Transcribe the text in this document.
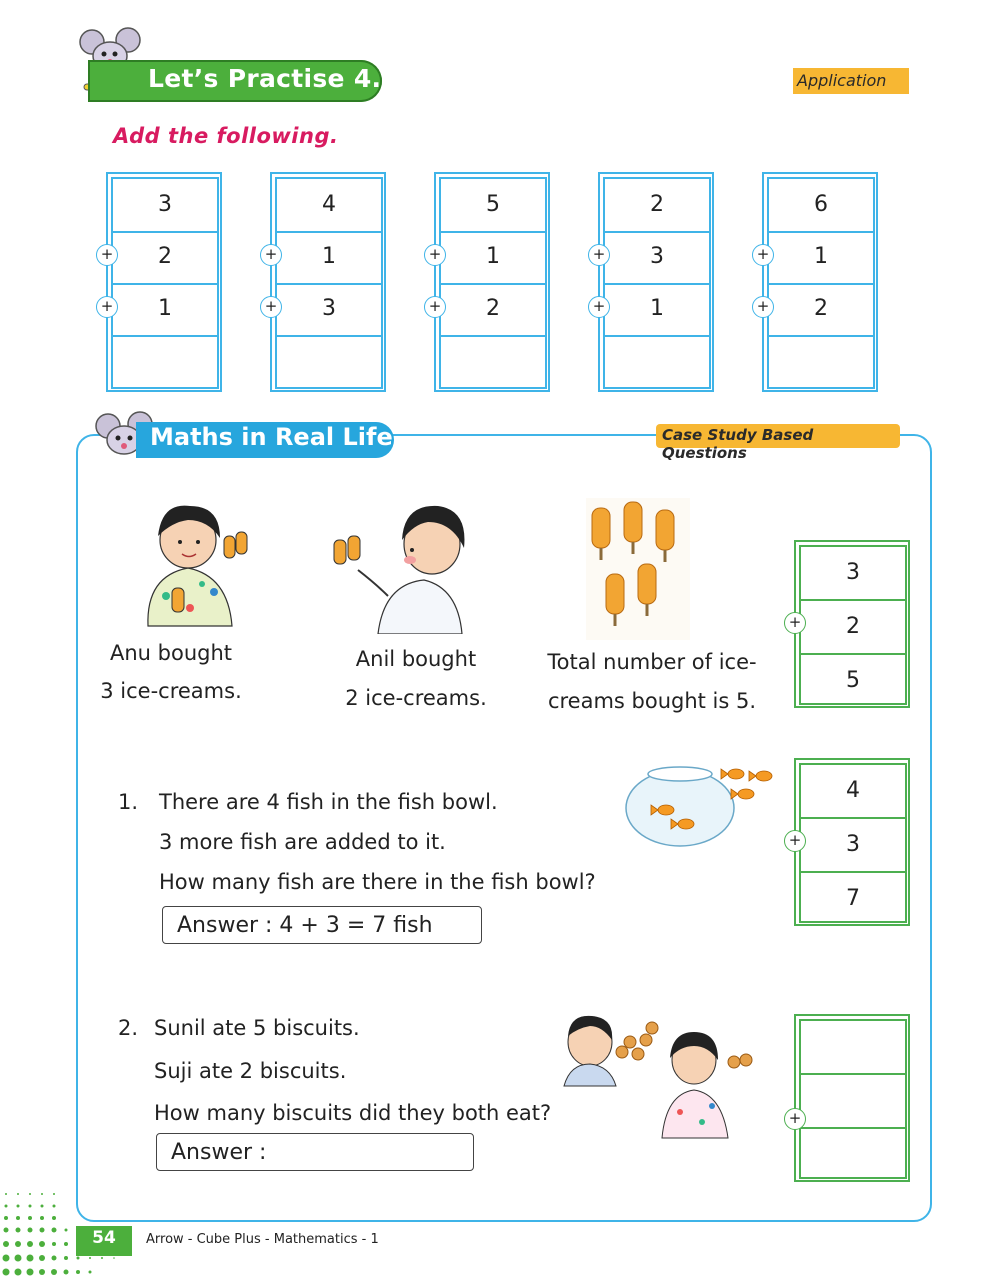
Let’s Practise 4.5	Application
Add the following.
3
2
1
+
+
4
1
3
+
+
5
1
2
+
+
2
3
1
+
+
6
1
2
+
+
Maths in Real Life	Case Study Based Questions
Anu bought
3 ice-creams.
Anil bought
2 ice-creams.
Total number of ice-
creams bought is 5.
3
2
5
+
1. There are 4 fish in the fish bowl.
3 more fish are added to it.
How many fish are there in the fish bowl?
Answer : 4 + 3 = 7 fish
4
3
7
+
2. Sunil ate 5 biscuits.
Suji ate 2 biscuits.
How many biscuits did they both eat?
Answer :
+
54	Arrow - Cube Plus - Mathematics - 1
